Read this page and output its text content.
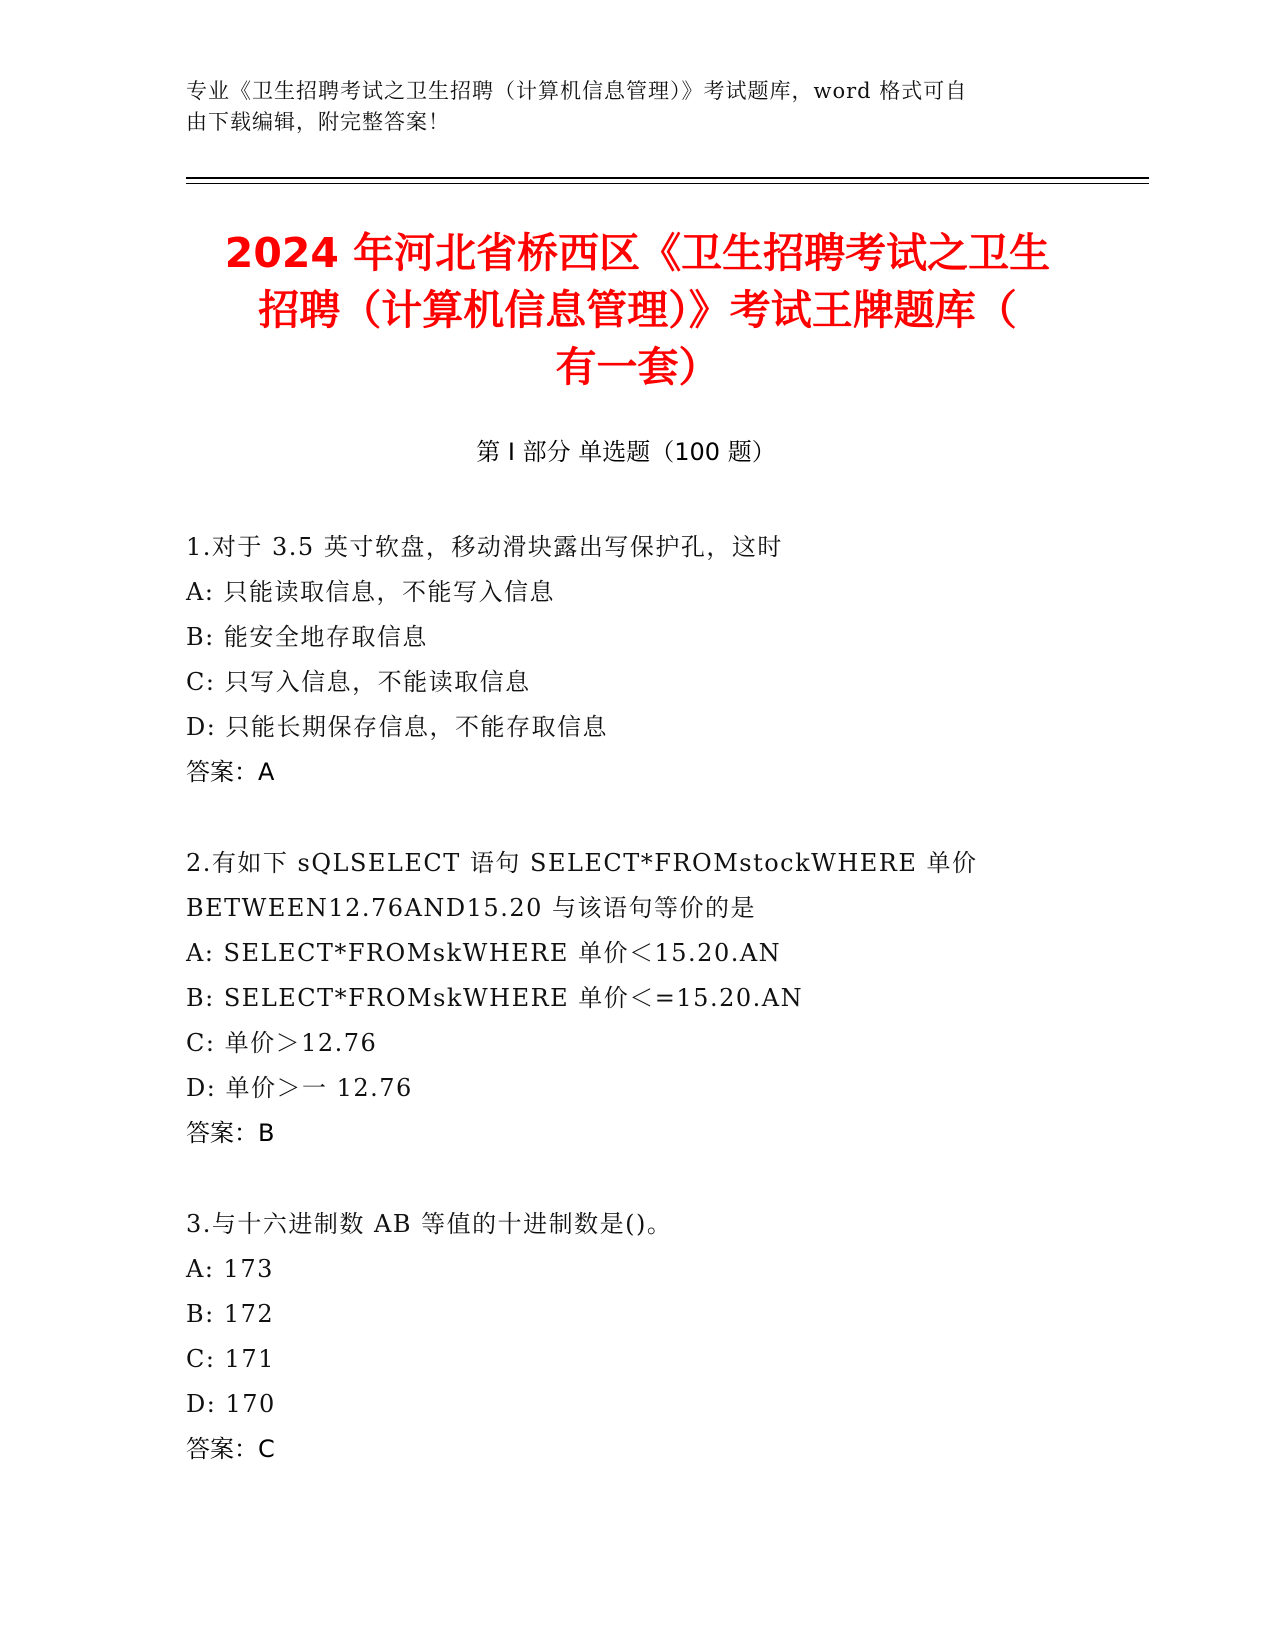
专业《卫生招聘考试之卫生招聘（计算机信息管理）》考试题库，word 格式可自
由下载编辑，附完整答案！
2024 年河北省桥西区《卫生招聘考试之卫生
招聘（计算机信息管理）》考试王牌题库（
有一套）
第 I 部分 单选题（100 题）
1.对于 3.5 英寸软盘，移动滑块露出写保护孔，这时
A: 只能读取信息，不能写入信息
B: 能安全地存取信息
C: 只写入信息，不能读取信息
D: 只能长期保存信息，不能存取信息
答案：A
2.有如下 sQLSELECT 语句 SELECT*FROMstockWHERE 单价
BETWEEN12.76AND15.20 与该语句等价的是
A: SELECT*FROMskWHERE 单价＜15.20.AN
B: SELECT*FROMskWHERE 单价＜=15.20.AN
C: 单价＞12.76
D: 单价＞一 12.76
答案：B
3.与十六进制数 AB 等值的十进制数是()。
A: 173
B: 172
C: 171
D: 170
答案：C
